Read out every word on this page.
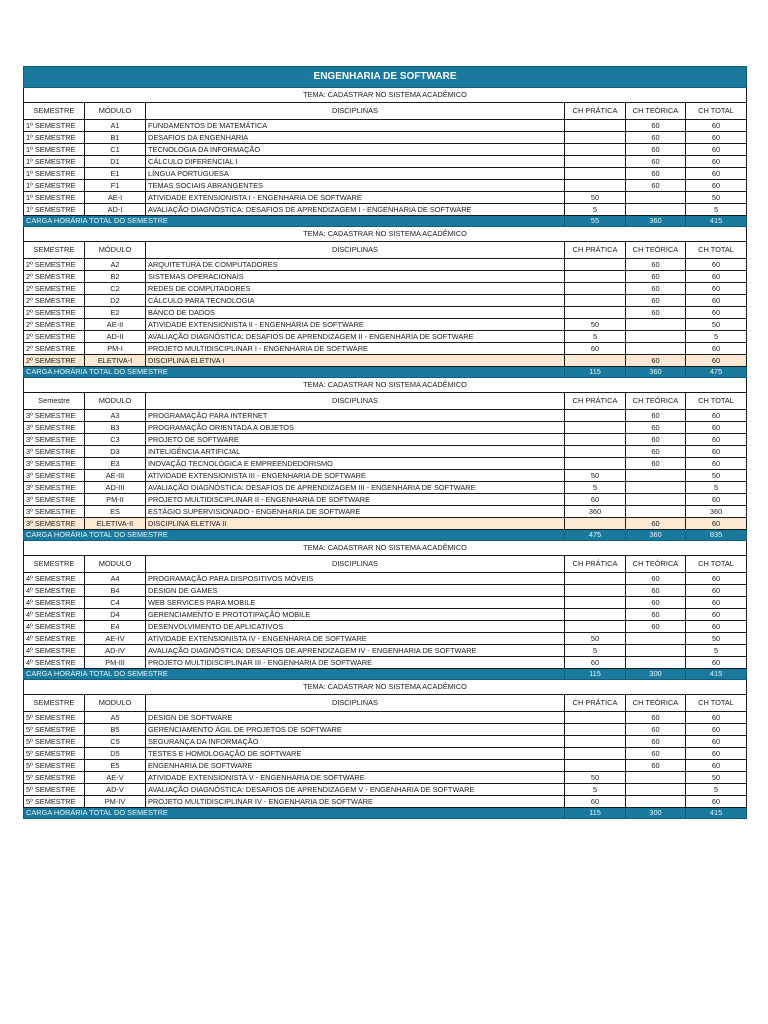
ENGENHARIA DE SOFTWARE					
TEMA: CADASTRAR NO SISTEMA ACADÊMICO					
SEMESTRE	MÓDULO	DISCIPLINAS	CH PRÁTICA	CH TEÓRICA	CH TOTAL
1º SEMESTRE	A1	FUNDAMENTOS DE MATEMÁTICA		60	60
1º SEMESTRE	B1	DESAFIOS DA ENGENHARIA		60	60
1º SEMESTRE	C1	TECNOLOGIA DA INFORMAÇÃO		60	60
1º SEMESTRE	D1	CÁLCULO DIFERENCIAL I		60	60
1º SEMESTRE	E1	LÍNGUA PORTUGUESA		60	60
1º SEMESTRE	F1	TEMAS SOCIAIS ABRANGENTES		60	60
1º SEMESTRE	AE-I	ATIVIDADE EXTENSIONISTA I - ENGENHARIA DE SOFTWARE	50		50
1º SEMESTRE	AD-I	AVALIAÇÃO DIAGNÓSTICA: DESAFIOS DE APRENDIZAGEM I - ENGENHARIA DE SOFTWARE	5		5
CARGA HORÁRIA TOTAL DO SEMESTRE			55	360	415
TEMA: CADASTRAR NO SISTEMA ACADÊMICO					
SEMESTRE	MÓDULO	DISCIPLINAS	CH PRÁTICA	CH TEÓRICA	CH TOTAL
2º SEMESTRE	A2	ARQUITETURA DE COMPUTADORES		60	60
2º SEMESTRE	B2	SISTEMAS OPERACIONAIS		60	60
2º SEMESTRE	C2	REDES DE COMPUTADORES		60	60
2º SEMESTRE	D2	CÁLCULO PARA TECNOLOGIA		60	60
2º SEMESTRE	E2	BANCO DE DADOS		60	60
2º SEMESTRE	AE-II	ATIVIDADE EXTENSIONISTA II - ENGENHARIA DE SOFTWARE	50		50
2º SEMESTRE	AD-II	AVALIAÇÃO DIAGNÓSTICA: DESAFIOS DE APRENDIZAGEM II - ENGENHARIA DE SOFTWARE	5		5
2º SEMESTRE	PM-I	PROJETO MULTIDISCIPLINAR I - ENGENHARIA DE SOFTWARE	60		60
2º SEMESTRE	ELETIVA-I	DISCIPLINA ELETIVA I		60	60
CARGA HORÁRIA TOTAL DO SEMESTRE			115	360	475
TEMA: CADASTRAR NO SISTEMA ACADÊMICO					
Semestre	MODULO	DISCIPLINAS	CH PRÁTICA	CH TEÓRICA	CH TOTAL
3º SEMESTRE	A3	PROGRAMAÇÃO PARA INTERNET		60	60
3º SEMESTRE	B3	PROGRAMAÇÃO ORIENTADA A OBJETOS		60	60
3º SEMESTRE	C3	PROJETO DE SOFTWARE		60	60
3º SEMESTRE	D3	INTELIGÊNCIA ARTIFICIAL		60	60
3º SEMESTRE	E3	INOVAÇÃO TECNOLÓGICA E EMPREENDEDORISMO		60	60
3º SEMESTRE	AE-III	ATIVIDADE EXTENSIONISTA III - ENGENHARIA DE SOFTWARE	50		50
3º SEMESTRE	AD-III	AVALIAÇÃO DIAGNÓSTICA: DESAFIOS DE APRENDIZAGEM III - ENGENHARIA DE SOFTWARE	5		5
3º SEMESTRE	PM-II	PROJETO MULTIDISCIPLINAR II - ENGENHARIA DE SOFTWARE	60		60
3º SEMESTRE	ES	ESTÁGIO SUPERVISIONADO - ENGENHARIA DE SOFTWARE	360		360
3º SEMESTRE	ELETIVA-II	DISCIPLINA ELETIVA II		60	60
CARGA HORÁRIA TOTAL DO SEMESTRE			475	360	835
TEMA: CADASTRAR NO SISTEMA ACADÊMICO					
SEMESTRE	MODULO	DISCIPLINAS	CH PRÁTICA	CH TEÓRICA	CH TOTAL
4º SEMESTRE	A4	PROGRAMAÇÃO PARA DISPOSITIVOS MÓVEIS		60	60
4º SEMESTRE	B4	DESIGN DE GAMES		60	60
4º SEMESTRE	C4	WEB SERVICES PARA MOBILE		60	60
4º SEMESTRE	D4	GERENCIAMENTO E PROTOTIPAÇÃO MOBILE		60	60
4º SEMESTRE	E4	DESENVOLVIMENTO DE APLICATIVOS		60	60
4º SEMESTRE	AE-IV	ATIVIDADE EXTENSIONISTA IV - ENGENHARIA DE SOFTWARE	50		50
4º SEMESTRE	AD-IV	AVALIAÇÃO DIAGNÓSTICA: DESAFIOS DE APRENDIZAGEM IV - ENGENHARIA DE SOFTWARE	5		5
4º SEMESTRE	PM-III	PROJETO MULTIDISCIPLINAR III - ENGENHARIA DE SOFTWARE	60		60
CARGA HORÁRIA TOTAL DO SEMESTRE			115	300	415
TEMA: CADASTRAR NO SISTEMA ACADÊMICO					
SEMESTRE	MODULO	DISCIPLINAS	CH PRÁTICA	CH TEÓRICA	CH TOTAL
5º SEMESTRE	A5	DESIGN DE SOFTWARE		60	60
5º SEMESTRE	B5	GERENCIAMENTO ÁGIL DE PROJETOS DE SOFTWARE		60	60
5º SEMESTRE	C5	SEGURANÇA DA INFORMAÇÃO		60	60
5º SEMESTRE	D5	TESTES E HOMOLOGAÇÃO DE SOFTWARE		60	60
5º SEMESTRE	E5	ENGENHARIA DE SOFTWARE		60	60
5º SEMESTRE	AE-V	ATIVIDADE EXTENSIONISTA V - ENGENHARIA DE SOFTWARE	50		50
5º SEMESTRE	AD-V	AVALIAÇÃO DIAGNÓSTICA: DESAFIOS DE APRENDIZAGEM V - ENGENHARIA DE SOFTWARE	5		5
5º SEMESTRE	PM-IV	PROJETO MULTIDISCIPLINAR IV - ENGENHARIA DE SOFTWARE	60		60
CARGA HORÁRIA TOTAL DO SEMESTRE			115	300	415
